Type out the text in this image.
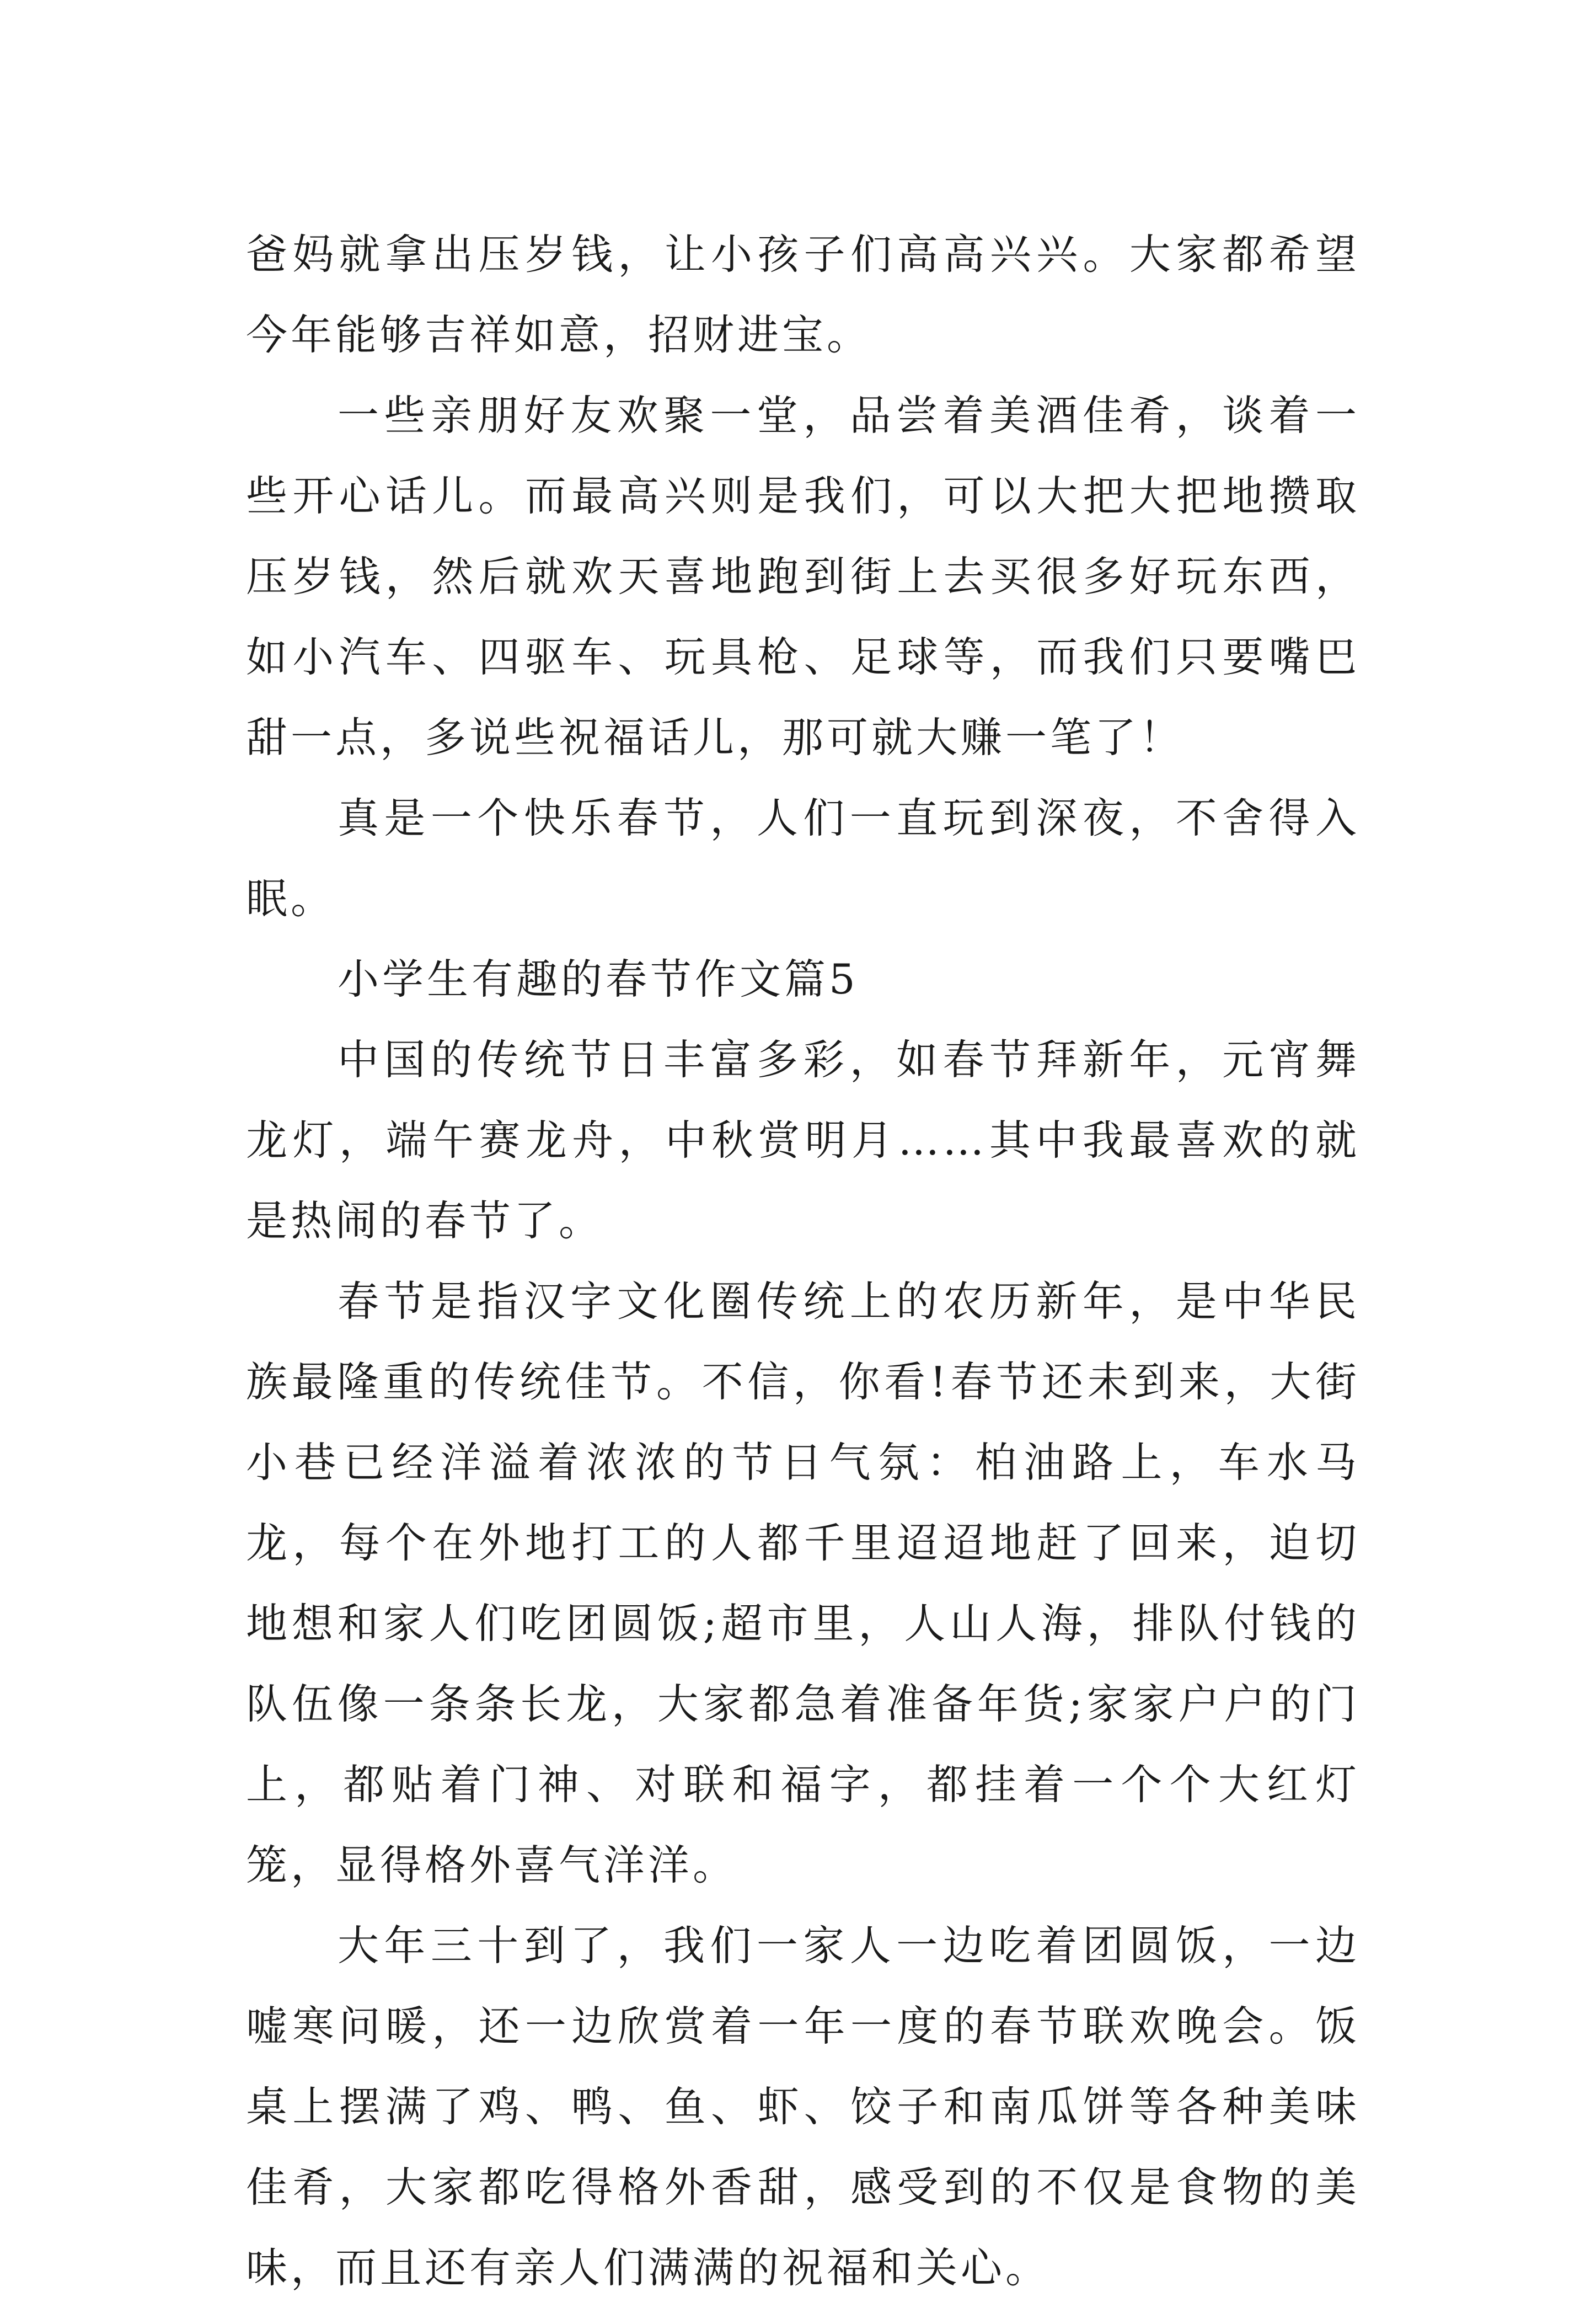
爸妈就拿出压岁钱，让小孩子们高高兴兴。大家都希望今年能够吉祥如意，招财进宝。

一些亲朋好友欢聚一堂，品尝着美酒佳肴，谈着一些开心话儿。而最高兴则是我们，可以大把大把地攒取压岁钱，然后就欢天喜地跑到街上去买很多好玩东西，如小汽车、四驱车、玩具枪、足球等，而我们只要嘴巴甜一点，多说些祝福话儿，那可就大赚一笔了！

真是一个快乐春节，人们一直玩到深夜，不舍得入眠。

小学生有趣的春节作文篇5

中国的传统节日丰富多彩，如春节拜新年，元宵舞龙灯，端午赛龙舟，中秋赏明月……其中我最喜欢的就是热闹的春节了。

春节是指汉字文化圈传统上的农历新年，是中华民族最隆重的传统佳节。不信，你看!春节还未到来，大街小巷已经洋溢着浓浓的节日气氛：柏油路上，车水马龙，每个在外地打工的人都千里迢迢地赶了回来，迫切地想和家人们吃团圆饭;超市里，人山人海，排队付钱的队伍像一条条长龙，大家都急着准备年货;家家户户的门上，都贴着门神、对联和福字，都挂着一个个大红灯笼，显得格外喜气洋洋。

大年三十到了，我们一家人一边吃着团圆饭，一边嘘寒问暖，还一边欣赏着一年一度的春节联欢晚会。饭桌上摆满了鸡、鸭、鱼、虾、饺子和南瓜饼等各种美味佳肴，大家都吃得格外香甜，感受到的不仅是食物的美味，而且还有亲人们满满的祝福和关心。
